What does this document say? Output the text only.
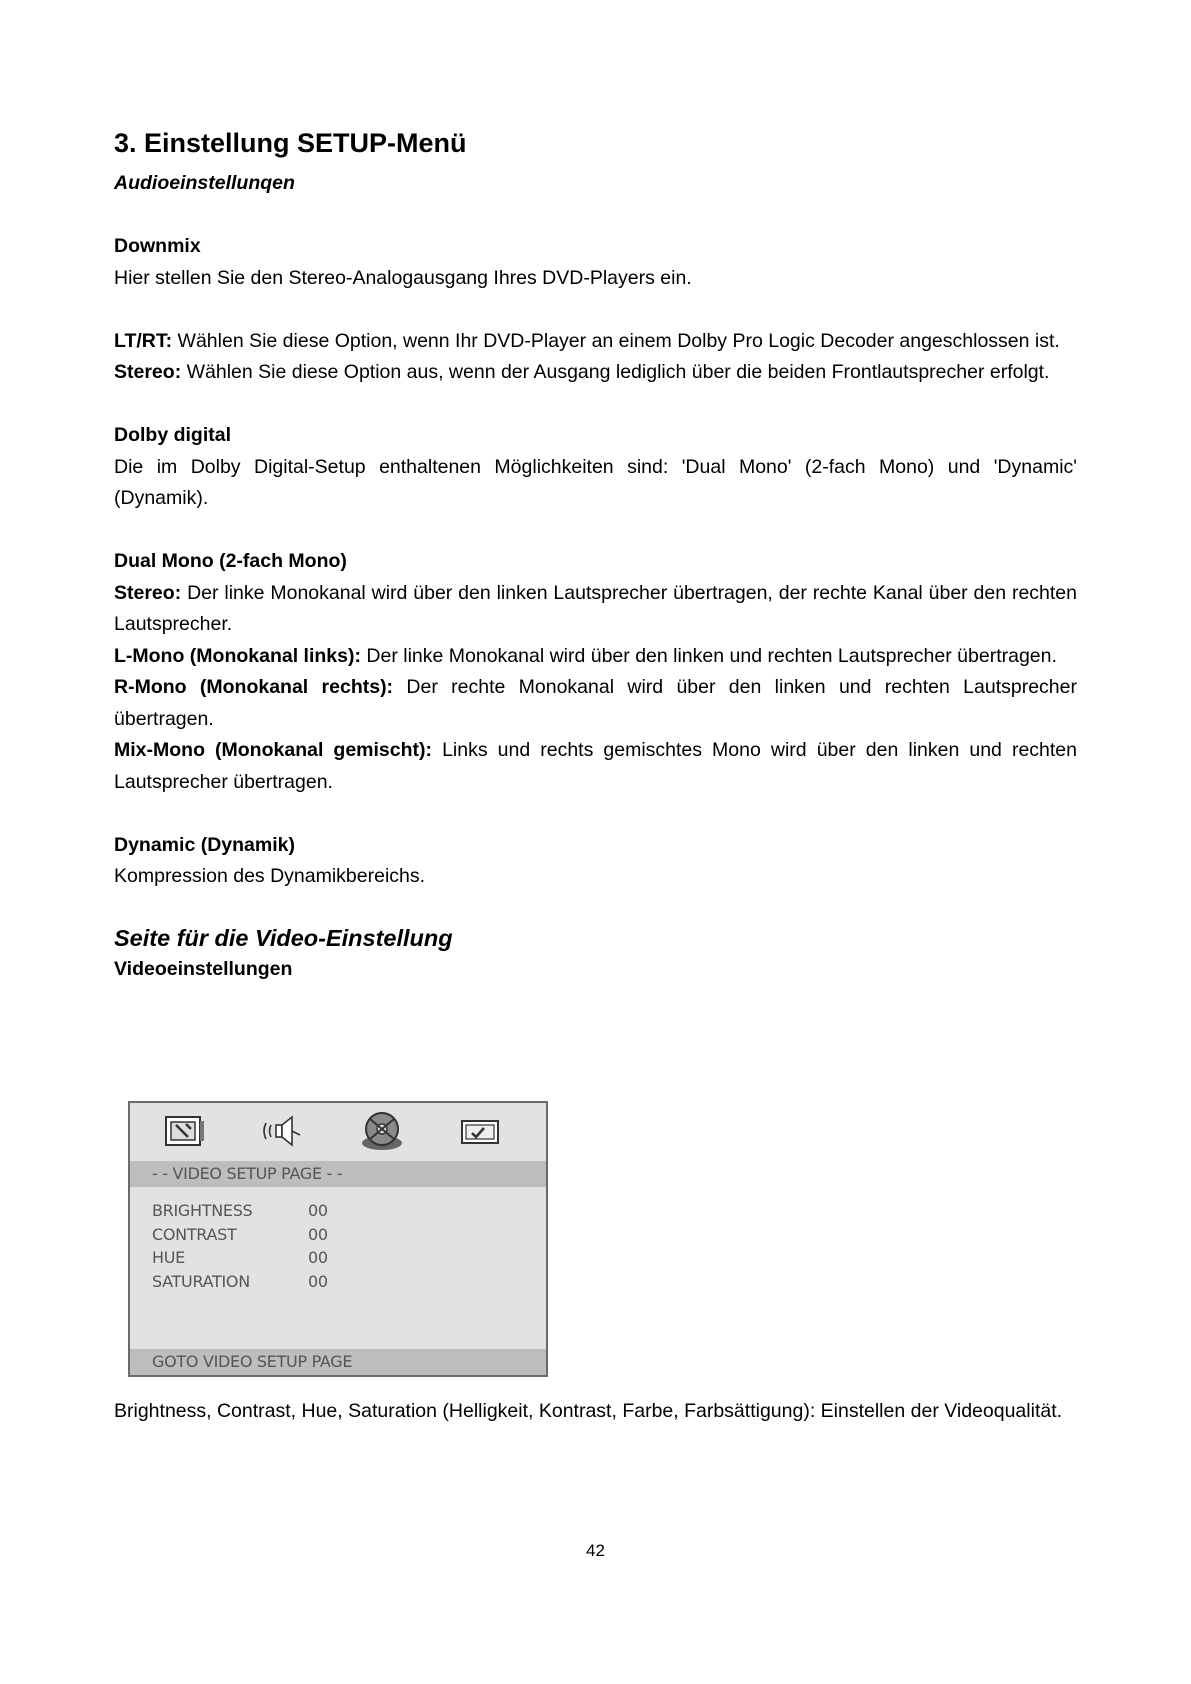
3. Einstellung SETUP-Menü

Audioeinstellunqen

Downmix

Hier stellen Sie den Stereo-Analogausgang Ihres DVD-Players ein.

LT/RT: Wählen Sie diese Option, wenn Ihr DVD-Player an einem Dolby Pro Logic Decoder angeschlossen ist.

Stereo: Wählen Sie diese Option aus, wenn der Ausgang lediglich über die beiden Frontlautsprecher erfolgt.

Dolby digital

Die im Dolby Digital-Setup enthaltenen Möglichkeiten sind: 'Dual Mono' (2-fach Mono) und 'Dynamic' (Dynamik).

Dual Mono (2-fach Mono)

Stereo: Der linke Monokanal wird über den linken Lautsprecher übertragen, der rechte Kanal über den rechten Lautsprecher.

L-Mono (Monokanal links): Der linke Monokanal wird über den linken und rechten Lautsprecher übertragen.

R-Mono (Monokanal rechts): Der rechte Monokanal wird über den linken und rechten Lautsprecher übertragen.

Mix-Mono (Monokanal gemischt): Links und rechts gemischtes Mono wird über den linken und rechten Lautsprecher übertragen.

Dynamic (Dynamik)

Kompression des Dynamikbereichs.

Seite für die Video-Einstellung

Videoeinstellungen

- - VIDEO SETUP PAGE - -
BRIGHTNESS	00
CONTRAST	00
HUE	00
SATURATION	00
GOTO VIDEO SETUP PAGE

Brightness, Contrast, Hue, Saturation (Helligkeit, Kontrast, Farbe, Farbsättigung): Einstellen der Videoqualität.

42
